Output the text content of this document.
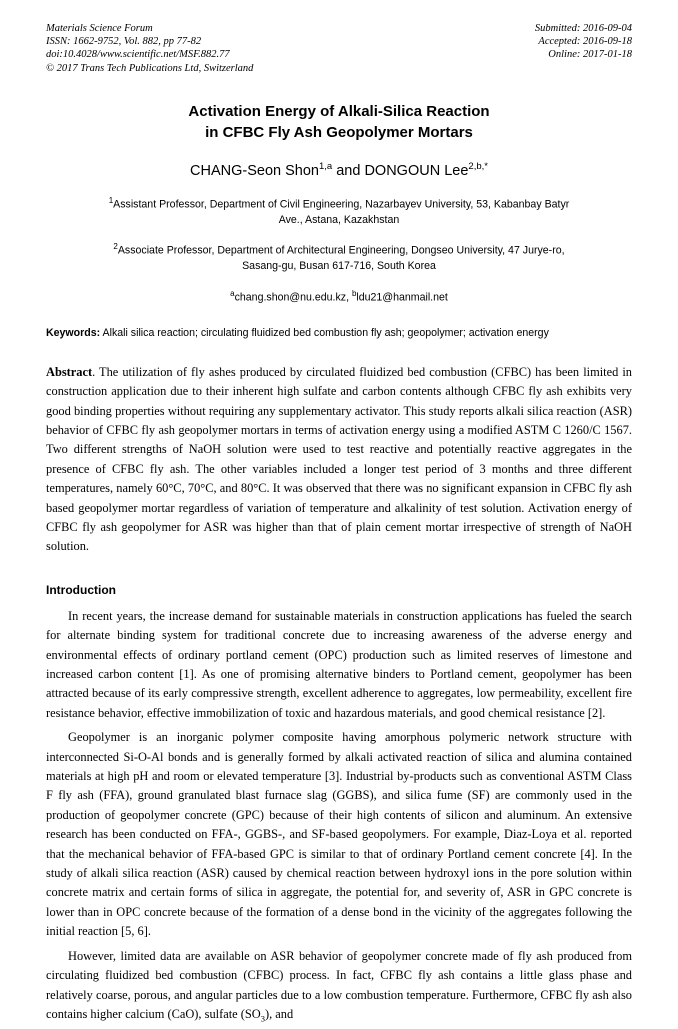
Materials Science Forum
ISSN: 1662-9752, Vol. 882, pp 77-82
doi:10.4028/www.scientific.net/MSF.882.77
© 2017 Trans Tech Publications Ltd, Switzerland
Submitted: 2016-09-04
Accepted: 2016-09-18
Online: 2017-01-18
Activation Energy of Alkali-Silica Reaction
in CFBC Fly Ash Geopolymer Mortars
CHANG-Seon Shon$^{1,a}$ and DONGOUN Lee$^{2,b,*}$
$^1$Assistant Professor, Department of Civil Engineering, Nazarbayev University, 53, Kabanbay Batyr
Ave., Astana, Kazakhstan
$^2$Associate Professor, Department of Architectural Engineering, Dongseo University, 47 Jurye-ro,
Sasang-gu, Busan 617-716, South Korea
$^a$chang.shon@nu.edu.kz, $^b$ldu21@hanmail.net
Keywords: Alkali silica reaction; circulating fluidized bed combustion fly ash; geopolymer; activation energy
Abstract. The utilization of fly ashes produced by circulated fluidized bed combustion (CFBC) has been limited in construction application due to their inherent high sulfate and carbon contents although CFBC fly ash exhibits very good binding properties without requiring any supplementary activator. This study reports alkali silica reaction (ASR) behavior of CFBC fly ash geopolymer mortars in terms of activation energy using a modified ASTM C 1260/C 1567. Two different strengths of NaOH solution were used to test reactive and potentially reactive aggregates in the presence of CFBC fly ash. The other variables included a longer test period of 3 months and three different temperatures, namely 60°C, 70°C, and 80°C. It was observed that there was no significant expansion in CFBC fly ash based geopolymer mortar regardless of variation of temperature and alkalinity of test solution. Activation energy of CFBC fly ash geopolymer for ASR was higher than that of plain cement mortar irrespective of strength of NaOH solution.
Introduction
In recent years, the increase demand for sustainable materials in construction applications has fueled the search for alternate binding system for traditional concrete due to increasing awareness of the adverse energy and environmental effects of ordinary portland cement (OPC) production such as limited reserves of limestone and increased carbon content [1]. As one of promising alternative binders to Portland cement, geopolymer has been attracted because of its early compressive strength, excellent adherence to aggregates, low permeability, excellent fire resistance behavior, effective immobilization of toxic and hazardous materials, and good chemical resistance [2].
Geopolymer is an inorganic polymer composite having amorphous polymeric network structure with interconnected Si-O-Al bonds and is generally formed by alkali activated reaction of silica and alumina contained materials at high pH and room or elevated temperature [3]. Industrial by-products such as conventional ASTM Class F fly ash (FFA), ground granulated blast furnace slag (GGBS), and silica fume (SF) are commonly used in the production of geopolymer concrete (GPC) because of their high contents of silicon and aluminum. An extensive research has been conducted on FFA-, GGBS-, and SF-based geopolymers. For example, Diaz-Loya et al. reported that the mechanical behavior of FFA-based GPC is similar to that of ordinary Portland cement concrete [4]. In the study of alkali silica reaction (ASR) caused by chemical reaction between hydroxyl ions in the pore solution within concrete matrix and certain forms of silica in aggregate, the potential for, and severity of, ASR in GPC concrete is lower than in OPC concrete because of the formation of a dense bond in the vicinity of the aggregates following the initial reaction [5, 6].
However, limited data are available on ASR behavior of geopolymer concrete made of fly ash produced from circulating fluidized bed combustion (CFBC) process. In fact, CFBC fly ash contains a little glass phase and relatively coarse, porous, and angular particles due to a low combustion temperature. Furthermore, CFBC fly ash also contains higher calcium (CaO), sulfate $(SO_3)$, and
